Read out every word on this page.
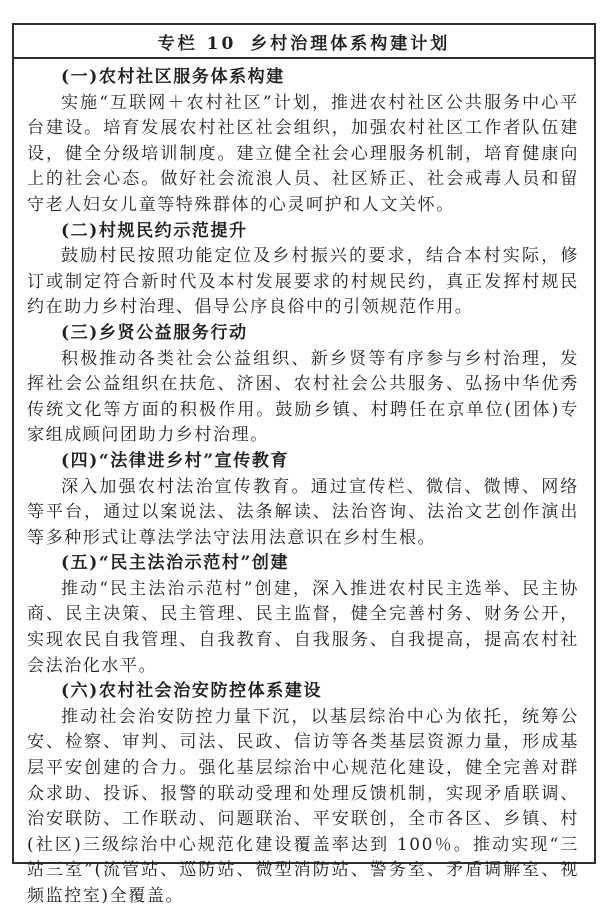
专栏 10 乡村治理体系构建计划
(一)农村社区服务体系构建
实施“互联网＋农村社区”计划，推进农村社区公共服务中心平台建设。培育发展农村社区社会组织，加强农村社区工作者队伍建设，健全分级培训制度。建立健全社会心理服务机制，培育健康向上的社会心态。做好社会流浪人员、社区矫正、社会戒毒人员和留守老人妇女儿童等特殊群体的心灵呵护和人文关怀。
(二)村规民约示范提升
鼓励村民按照功能定位及乡村振兴的要求，结合本村实际，修订或制定符合新时代及本村发展要求的村规民约，真正发挥村规民约在助力乡村治理、倡导公序良俗中的引领规范作用。
(三)乡贤公益服务行动
积极推动各类社会公益组织、新乡贤等有序参与乡村治理，发挥社会公益组织在扶危、济困、农村社会公共服务、弘扬中华优秀传统文化等方面的积极作用。鼓励乡镇、村聘任在京单位(团体)专家组成顾问团助力乡村治理。
(四)“法律进乡村”宣传教育
深入加强农村法治宣传教育。通过宣传栏、微信、微博、网络等平台，通过以案说法、法条解读、法治咨询、法治文艺创作演出等多种形式让尊法学法守法用法意识在乡村生根。
(五)“民主法治示范村”创建
推动“民主法治示范村”创建，深入推进农村民主选举、民主协商、民主决策、民主管理、民主监督，健全完善村务、财务公开，实现农民自我管理、自我教育、自我服务、自我提高，提高农村社会法治化水平。
(六)农村社会治安防控体系建设
推动社会治安防控力量下沉，以基层综治中心为依托，统筹公安、检察、审判、司法、民政、信访等各类基层资源力量，形成基层平安创建的合力。强化基层综治中心规范化建设，健全完善对群众求助、投诉、报警的联动受理和处理反馈机制，实现矛盾联调、治安联防、工作联动、问题联治、平安联创，全市各区、乡镇、村(社区)三级综治中心规范化建设覆盖率达到 100％。推动实现“三站三室”(流管站、巡防站、微型消防站、警务室、矛盾调解室、视频监控室)全覆盖。
